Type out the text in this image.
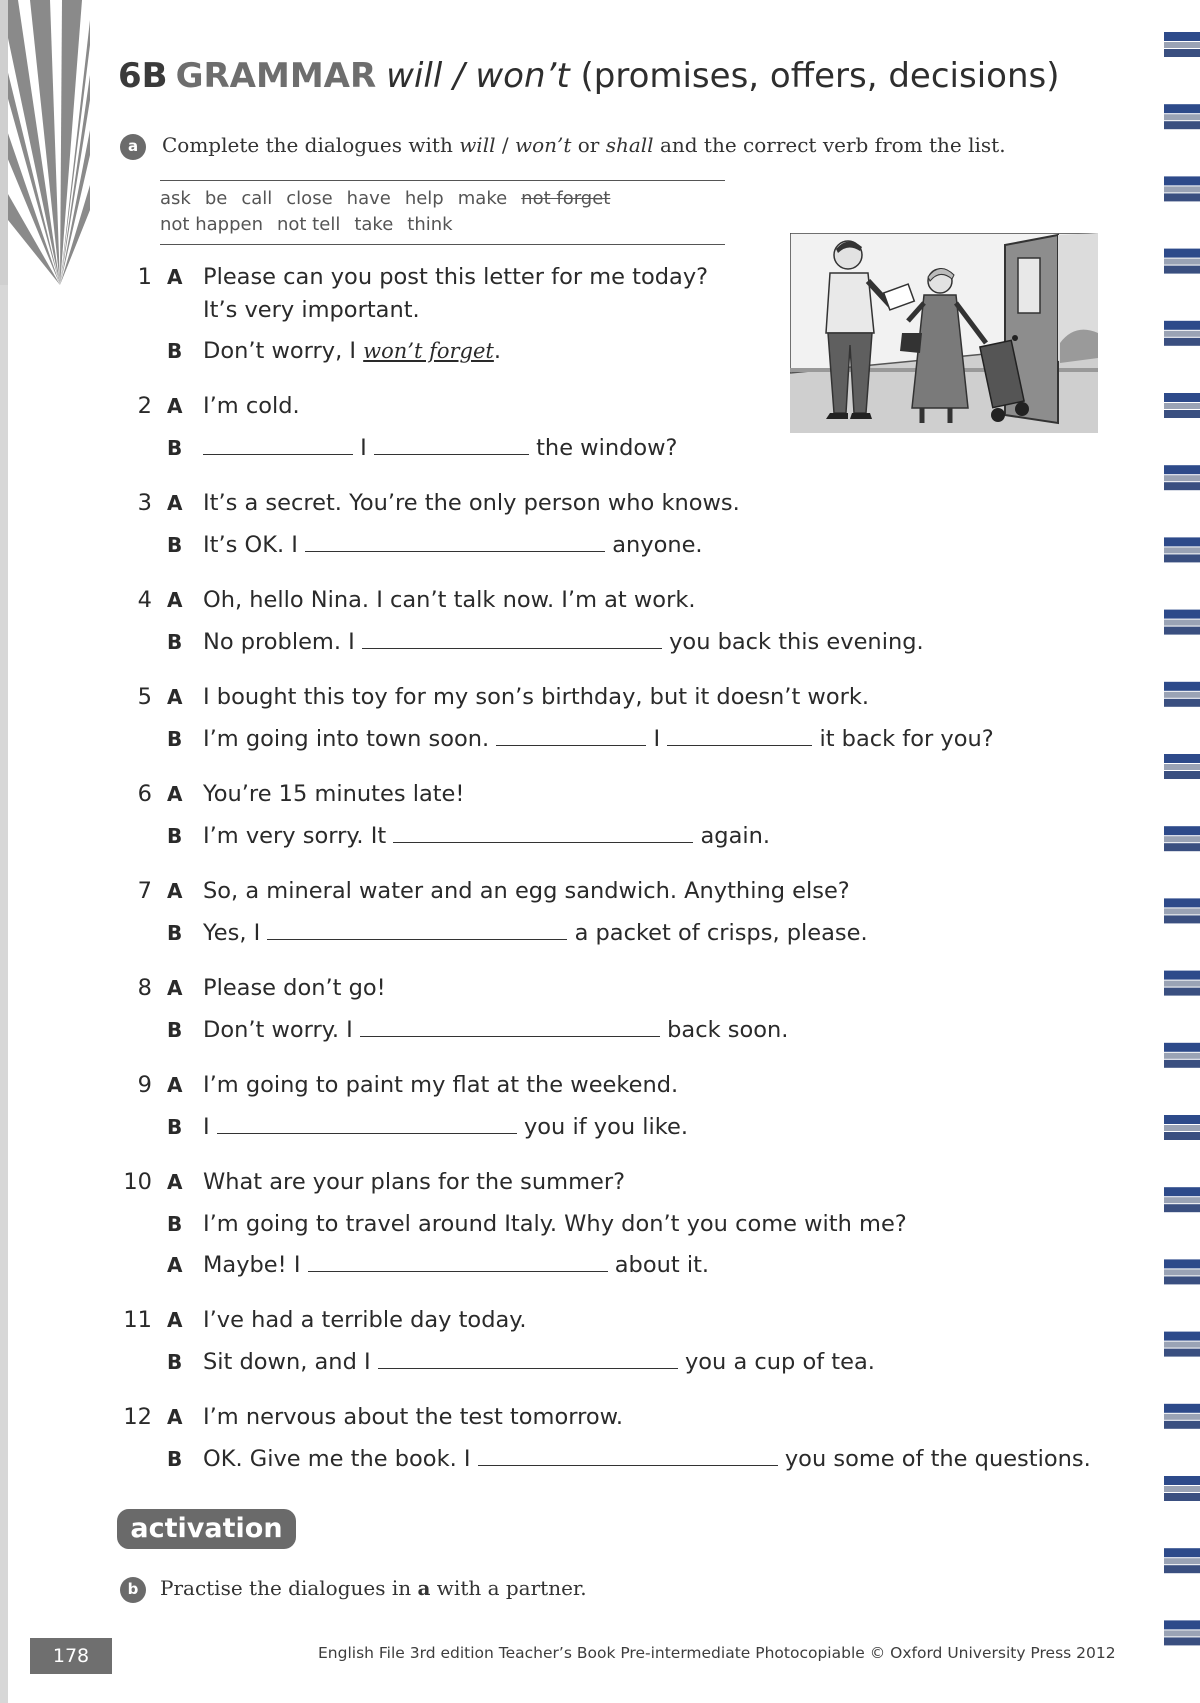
6B GRAMMAR will / won’t (promises, offers, decisions)
a	Complete the dialogues with will / won’t or shall and the correct verb from the list.
ask be call close have help make not forget
not happen not tell take think
1 A Please can you post this letter for me today?
It’s very important.
B Don’t worry, I won’t forget.
2 A I’m cold.
B	I	the window?
3 A It’s a secret. You’re the only person who knows.
B It’s OK. I	anyone.
4 A Oh, hello Nina. I can’t talk now. I’m at work.
B No problem. I	you back this evening.
5 A I bought this toy for my son’s birthday, but it doesn’t work.
B I’m going into town soon.	I	it back for you?
6 A You’re 15 minutes late!
B I’m very sorry. It	again.
7 A So, a mineral water and an egg sandwich. Anything else?
B Yes, I	a packet of crisps, please.
8 A Please don’t go!
B Don’t worry. I	back soon.
9 A I’m going to paint my flat at the weekend.
B I	you if you like.
10 A What are your plans for the summer?
B I’m going to travel around Italy. Why don’t you come with me?
A Maybe! I	about it.
11 A I’ve had a terrible day today.
B Sit down, and I	you a cup of tea.
12 A I’m nervous about the test tomorrow.
B OK. Give me the book. I	you some of the questions.
activation
b	Practise the dialogues in a with a partner.
178	English File 3rd edition Teacher’s Book Pre-intermediate Photocopiable © Oxford University Press 2012
